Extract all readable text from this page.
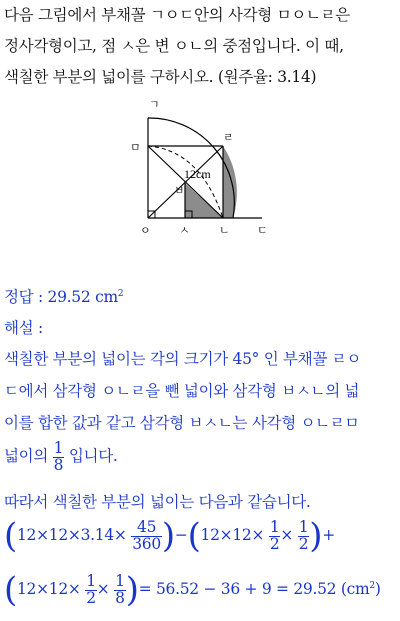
다음 그림에서 부채꼴 ㄱㅇㄷ안의 사각형 ㅁㅇㄴㄹ은
정사각형이고, 점 ㅅ은 변 ㅇㄴ의 중점입니다. 이 때,
색칠한 부분의 넓이를 구하시오. (원주율: 3.14)
ㄱ
ㅁ
ㄹ
12cm
ㅂ
ㅇ	ㅅ	ㄴ ㄷ
정답 : 29.52 $cm^2$
해설 :
색칠한 부분의 넓이는 각의 크기가 45° 인 부채꼴 ㄹㅇ
ㄷ에서 삼각형 ㅇㄴㄹ을 뺀 넓이와 삼각형 ㅂㅅㄴ의 넓
이를 합한 값과 같고 삼각형 ㅂㅅㄴ는 사각형 ㅇㄴㄹㅁ
넓이의 $\frac{1}{8}$ 입니다.
따라서 색칠한 부분의 넓이는 다음과 같습니다.
$(12\times 12\times 3.14\times \frac{45}{360} )-(12\times 12\times \frac{1}{2} \times \frac{1}{2}$ )+
($12\times 12\times \frac{1}{2} \times \frac{1}{8}$ )= 56.52 − 36 + 9 = 29.52 $(cm^2)$
